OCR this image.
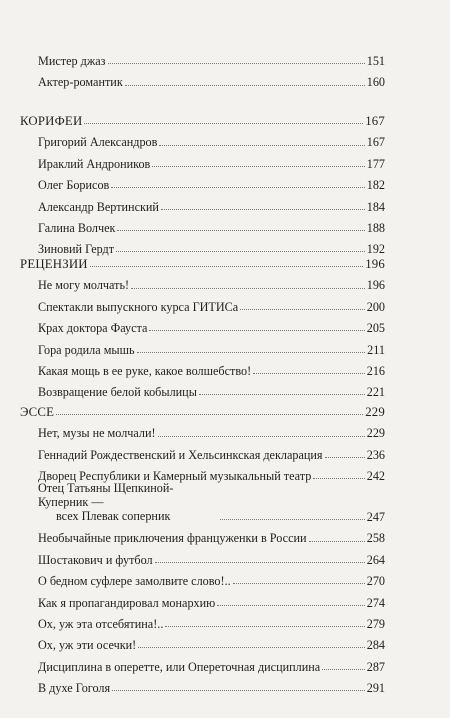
Мистер джаз	151
Актер-романтик	160
КОРИФЕИ	167
Григорий Александров	167
Ираклий Андроников	177
Олег Борисов	182
Александр Вертинский	184
Галина Волчек	188
Зиновий Гердт	192
РЕЦЕНЗИИ	196
Не могу молчать!	196
Спектакли выпускного курса ГИТИСа	200
Крах доктора Фауста	205
Гора родила мышь	211
Какая мощь в ее руке, какое волшебство!	216
Возвращение белой кобылицы	221
ЭССЕ	229
Нет, музы не молчали!	229
Геннадий Рождественский и Хельсинкская декларация	236
Дворец Республики и Камерный музыкальный театр	242
Отец Татьяны Щепкиной-Куперник —
всех Плевак соперник	247
Необычайные приключения француженки в России	258
Шостакович и футбол	264
О бедном суфлере замолвите слово!..	270
Как я пропагандировал монархию	274
Ох, уж эта отсебятина!..	279
Ох, уж эти осечки!	284
Дисциплина в оперетте, или Опереточная дисциплина	287
В духе Гоголя	291
